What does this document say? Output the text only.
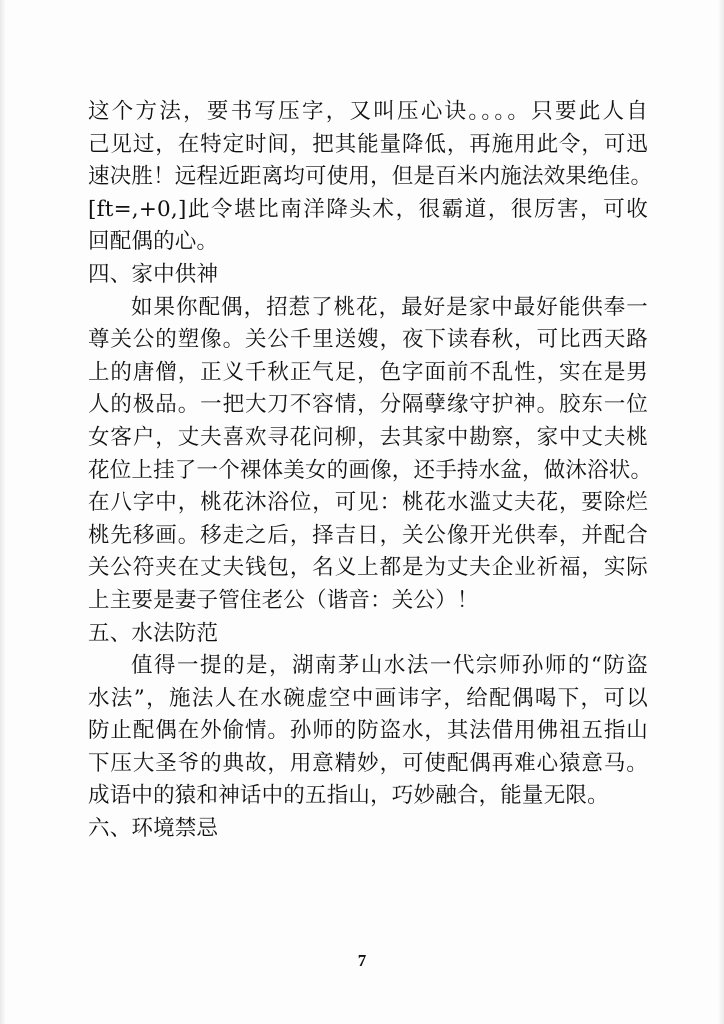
这个方法，要书写压字，又叫压心诀。。。。只要此人自
己见过，在特定时间，把其能量降低，再施用此令，可迅
速决胜！远程近距离均可使用，但是百米内施法效果绝佳。
[ft=,+0,]此令堪比南洋降头术，很霸道，很厉害，可收
回配偶的心。
四、家中供神
如果你配偶，招惹了桃花，最好是家中最好能供奉一
尊关公的塑像。关公千里送嫂，夜下读春秋，可比西天路
上的唐僧，正义千秋正气足，色字面前不乱性，实在是男
人的极品。一把大刀不容情，分隔孽缘守护神。胶东一位
女客户，丈夫喜欢寻花问柳，去其家中勘察，家中丈夫桃
花位上挂了一个裸体美女的画像，还手持水盆，做沐浴状。
在八字中，桃花沐浴位，可见：桃花水滥丈夫花，要除烂
桃先移画。移走之后，择吉日，关公像开光供奉，并配合
关公符夹在丈夫钱包，名义上都是为丈夫企业祈福，实际
上主要是妻子管住老公（谐音：关公）！
五、水法防范
值得一提的是，湖南茅山水法一代宗师孙师的“防盗
水法”，施法人在水碗虚空中画讳字，给配偶喝下，可以
防止配偶在外偷情。孙师的防盗水，其法借用佛祖五指山
下压大圣爷的典故，用意精妙，可使配偶再难心猿意马。
成语中的猿和神话中的五指山，巧妙融合，能量无限。
六、环境禁忌
7
